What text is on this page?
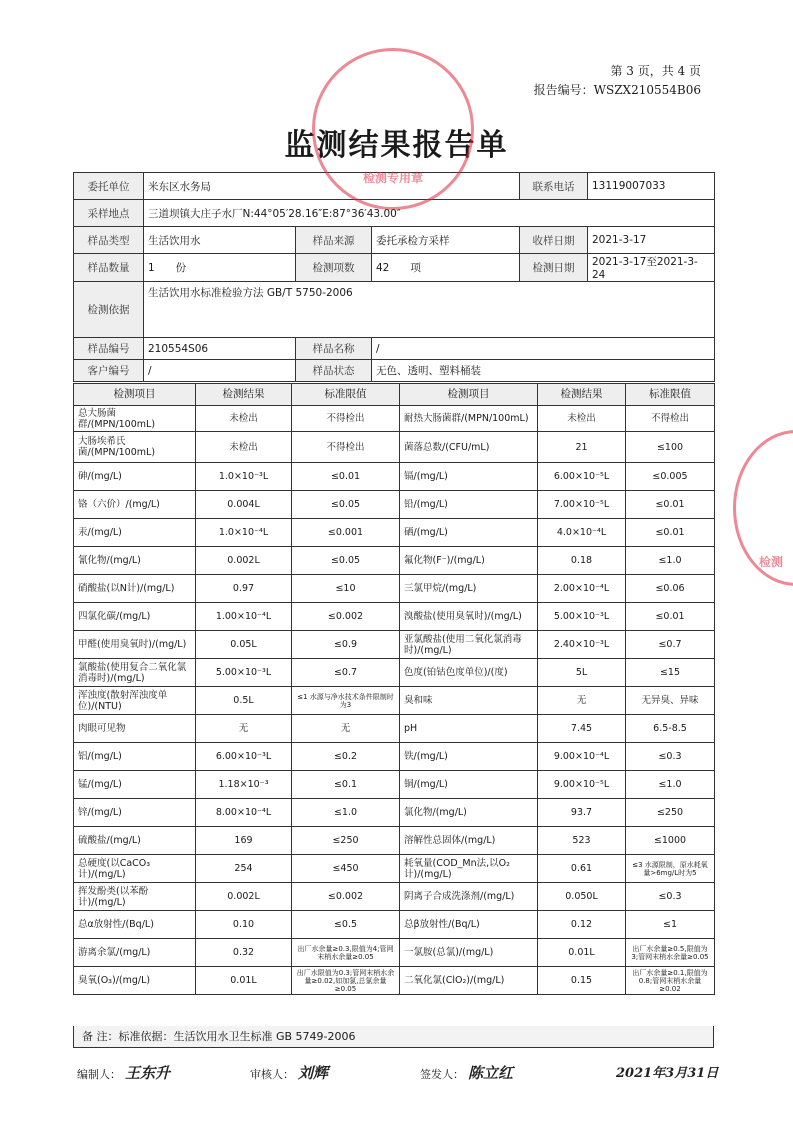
第 3 页，共 4 页
报告编号：WSZX210554B06
监测结果报告单
委托单位	米东区水务局			联系电话	13119007033
采样地点	三道坝镇大庄子水厂N:44°05′28.16″E:87°36′43.00″				
样品类型	生活饮用水	样品来源	委托承检方采样	收样日期	2021-3-17
样品数量	1　　份	检测项数	42　　项	检测日期	2021-3-17至2021-3-24
检测依据	生活饮用水标准检验方法 GB/T 5750-2006				
样品编号	210554S06	样品名称	/		
客户编号	/	样品状态	无色、透明、塑料桶装		
检测项目	检测结果	标准限值	检测项目	检测结果	标准限值
总大肠菌群/(MPN/100mL)	未检出	不得检出	耐热大肠菌群/(MPN/100mL)	未检出	不得检出
大肠埃希氏菌/(MPN/100mL)	未检出	不得检出	菌落总数/(CFU/mL)	21	≤100
砷/(mg/L)	1.0×10⁻³L	≤0.01	镉/(mg/L)	6.00×10⁻⁵L	≤0.005
铬（六价）/(mg/L)	0.004L	≤0.05	铅/(mg/L)	7.00×10⁻⁵L	≤0.01
汞/(mg/L)	1.0×10⁻⁴L	≤0.001	硒/(mg/L)	4.0×10⁻⁴L	≤0.01
氰化物/(mg/L)	0.002L	≤0.05	氟化物(F⁻)/(mg/L)	0.18	≤1.0
硝酸盐(以N计)/(mg/L)	0.97	≤10	三氯甲烷/(mg/L)	2.00×10⁻⁴L	≤0.06
四氯化碳/(mg/L)	1.00×10⁻⁴L	≤0.002	溴酸盐(使用臭氧时)/(mg/L)	5.00×10⁻³L	≤0.01
甲醛(使用臭氧时)/(mg/L)	0.05L	≤0.9	亚氯酸盐(使用二氧化氯消毒时)/(mg/L)	2.40×10⁻³L	≤0.7
氯酸盐(使用复合二氧化氯消毒时)/(mg/L)	5.00×10⁻³L	≤0.7	色度(铂钴色度单位)/(度)	5L	≤15
浑浊度(散射浑浊度单位)/(NTU)	0.5L	≤1 水源与净水技术条件限制时为3	臭和味	无	无异臭、异味
肉眼可见物	无	无	pH	7.45	6.5-8.5
铝/(mg/L)	6.00×10⁻³L	≤0.2	铁/(mg/L)	9.00×10⁻⁴L	≤0.3
锰/(mg/L)	1.18×10⁻³	≤0.1	铜/(mg/L)	9.00×10⁻⁵L	≤1.0
锌/(mg/L)	8.00×10⁻⁴L	≤1.0	氯化物/(mg/L)	93.7	≤250
硫酸盐/(mg/L)	169	≤250	溶解性总固体/(mg/L)	523	≤1000
总硬度(以CaCO₃计)/(mg/L)	254	≤450	耗氧量(COD_Mn法,以O₂计)/(mg/L)	0.61	≤3 水源限制，原水耗氧量>6mg/L时为5
挥发酚类(以苯酚计)/(mg/L)	0.002L	≤0.002	阴离子合成洗涤剂/(mg/L)	0.050L	≤0.3
总α放射性/(Bq/L)	0.10	≤0.5	总β放射性/(Bq/L)	0.12	≤1
游离余氯/(mg/L)	0.32	出厂水余量≥0.3,限值为4;管网末梢水余量≥0.05	一氯胺(总氯)/(mg/L)	0.01L	出厂水余量≥0.5,限值为3;管网末梢水余量≥0.05
臭氧(O₃)/(mg/L)	0.01L	出厂水限值为0.3;管网末梢水余量≥0.02,如加氯,总氯余量≥0.05	二氧化氯(ClO₂)/(mg/L)	0.15	出厂水余量≥0.1,限值为0.8;管网末梢水余量≥0.02
备 注：标准依据：生活饮用水卫生标准 GB 5749-2006
编制人： 王东升	审核人： 刘辉	签发人： 陈立红	2021年3月31日
检测专用章
检测
